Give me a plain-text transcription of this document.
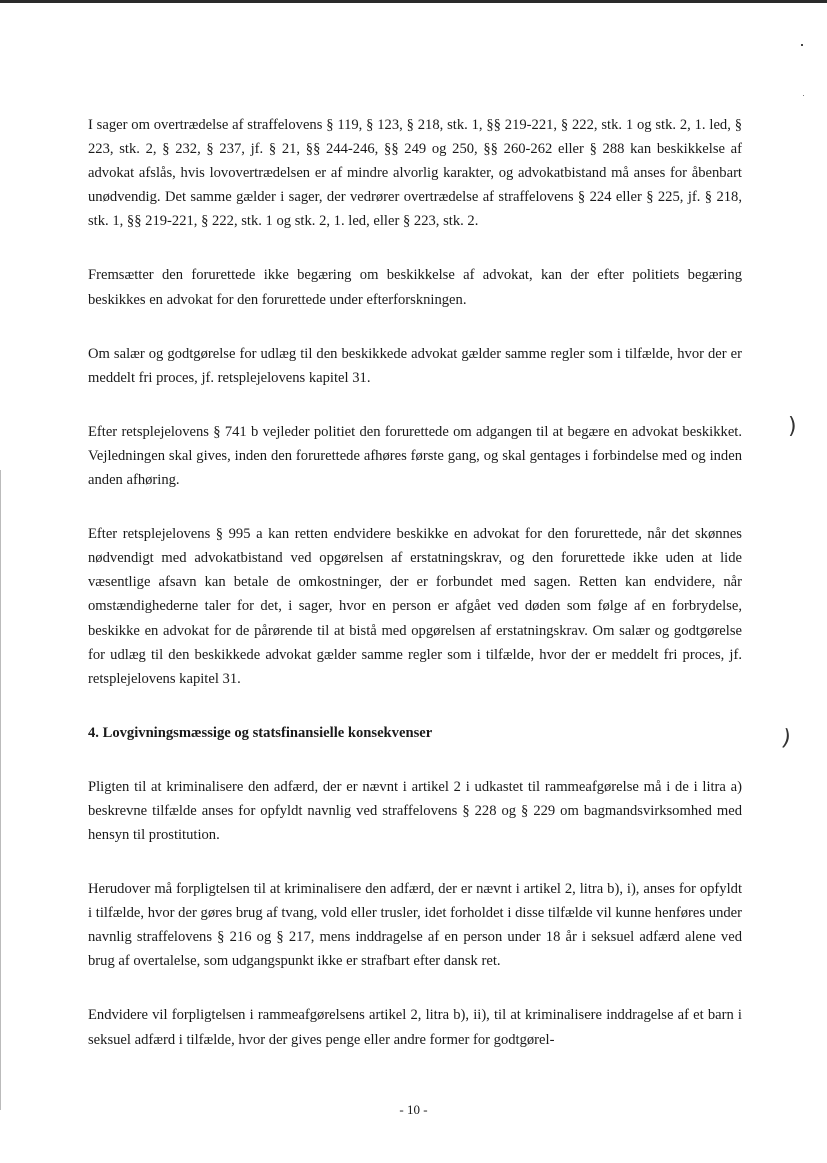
I sager om overtrædelse af straffelovens § 119, § 123, § 218, stk. 1, §§ 219-221, § 222, stk. 1 og stk. 2, 1. led, § 223, stk. 2, § 232, § 237, jf. § 21, §§ 244-246, §§ 249 og 250, §§ 260-262 eller § 288 kan beskikkelse af advokat afslås, hvis lovovertrædelsen er af mindre alvorlig karakter, og advokatbistand må anses for åbenbart unødvendig. Det samme gælder i sager, der vedrører overtrædelse af straffelovens § 224 eller § 225, jf. § 218, stk. 1, §§ 219-221, § 222, stk. 1 og stk. 2, 1. led, eller § 223, stk. 2.

Fremsætter den forurettede ikke begæring om beskikkelse af advokat, kan der efter politiets begæring beskikkes en advokat for den forurettede under efterforskningen.

Om salær og godtgørelse for udlæg til den beskikkede advokat gælder samme regler som i tilfælde, hvor der er meddelt fri proces, jf. retsplejelovens kapitel 31.

Efter retsplejelovens § 741 b vejleder politiet den forurettede om adgangen til at begære en advokat beskikket. Vejledningen skal gives, inden den forurettede afhøres første gang, og skal gentages i forbindelse med og inden anden afhøring.

Efter retsplejelovens § 995 a kan retten endvidere beskikke en advokat for den forurettede, når det skønnes nødvendigt med advokatbistand ved opgørelsen af erstatningskrav, og den forurettede ikke uden at lide væsentlige afsavn kan betale de omkostninger, der er forbundet med sagen. Retten kan endvidere, når omstændighederne taler for det, i sager, hvor en person er afgået ved døden som følge af en forbrydelse, beskikke en advokat for de pårørende til at bistå med opgørelsen af erstatningskrav. Om salær og godtgørelse for udlæg til den beskikkede advokat gælder samme regler som i tilfælde, hvor der er meddelt fri proces, jf. retsplejelovens kapitel 31.

4. Lovgivningsmæssige og statsfinansielle konsekvenser

Pligten til at kriminalisere den adfærd, der er nævnt i artikel 2 i udkastet til rammeafgørelse må i de i litra a) beskrevne tilfælde anses for opfyldt navnlig ved straffelovens § 228 og § 229 om bagmandsvirksomhed med hensyn til prostitution.

Herudover må forpligtelsen til at kriminalisere den adfærd, der er nævnt i artikel 2, litra b), i), anses for opfyldt i tilfælde, hvor der gøres brug af tvang, vold eller trusler, idet forholdet i disse tilfælde vil kunne henføres under navnlig straffelovens § 216 og § 217, mens inddragelse af en person under 18 år i seksuel adfærd alene ved brug af overtalelse, som udgangspunkt ikke er strafbart efter dansk ret.

Endvidere vil forpligtelsen i rammeafgørelsens artikel 2, litra b), ii), til at kriminalisere inddragelse af et barn i seksuel adfærd i tilfælde, hvor der gives penge eller andre former for godtgørel-

)
)
- 10 -
